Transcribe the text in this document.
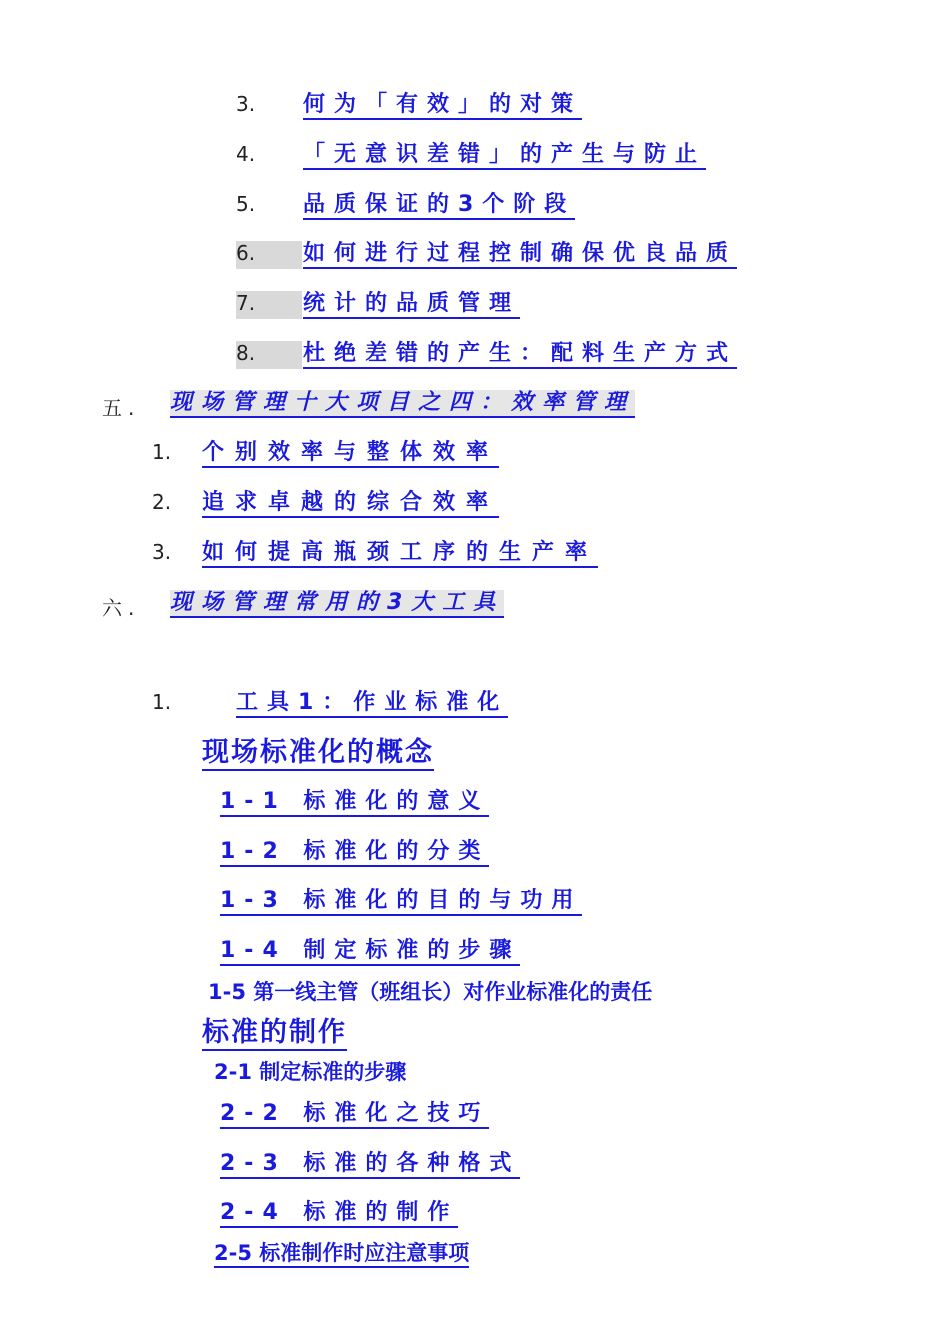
3. 何为「有效」的对策
4. 「无意识差错」的产生与防止
5. 品质保证的3个阶段
6.	如何进行过程控制确保优良品质
7.	统计的品质管理
8.	杜绝差错的产生：配料生产方式
五. 现场管理十大项目之四：效率管理
1. 个别效率与整体效率
2. 追求卓越的综合效率
3. 如何提高瓶颈工序的生产率
六. 现场管理常用的3大工具
1.	工具1：作业标准化
现场标准化的概念
1-1 标准化的意义
1-2 标准化的分类
1-3 标准化的目的与功用
1-4 制定标准的步骤
1-5 第一线主管（班组长）对作业标准化的责任
标准的制作
2-1 制定标准的步骤
2-2 标准化之技巧
2-3 标准的各种格式
2-4 标准的制作
2-5 标准制作时应注意事项
